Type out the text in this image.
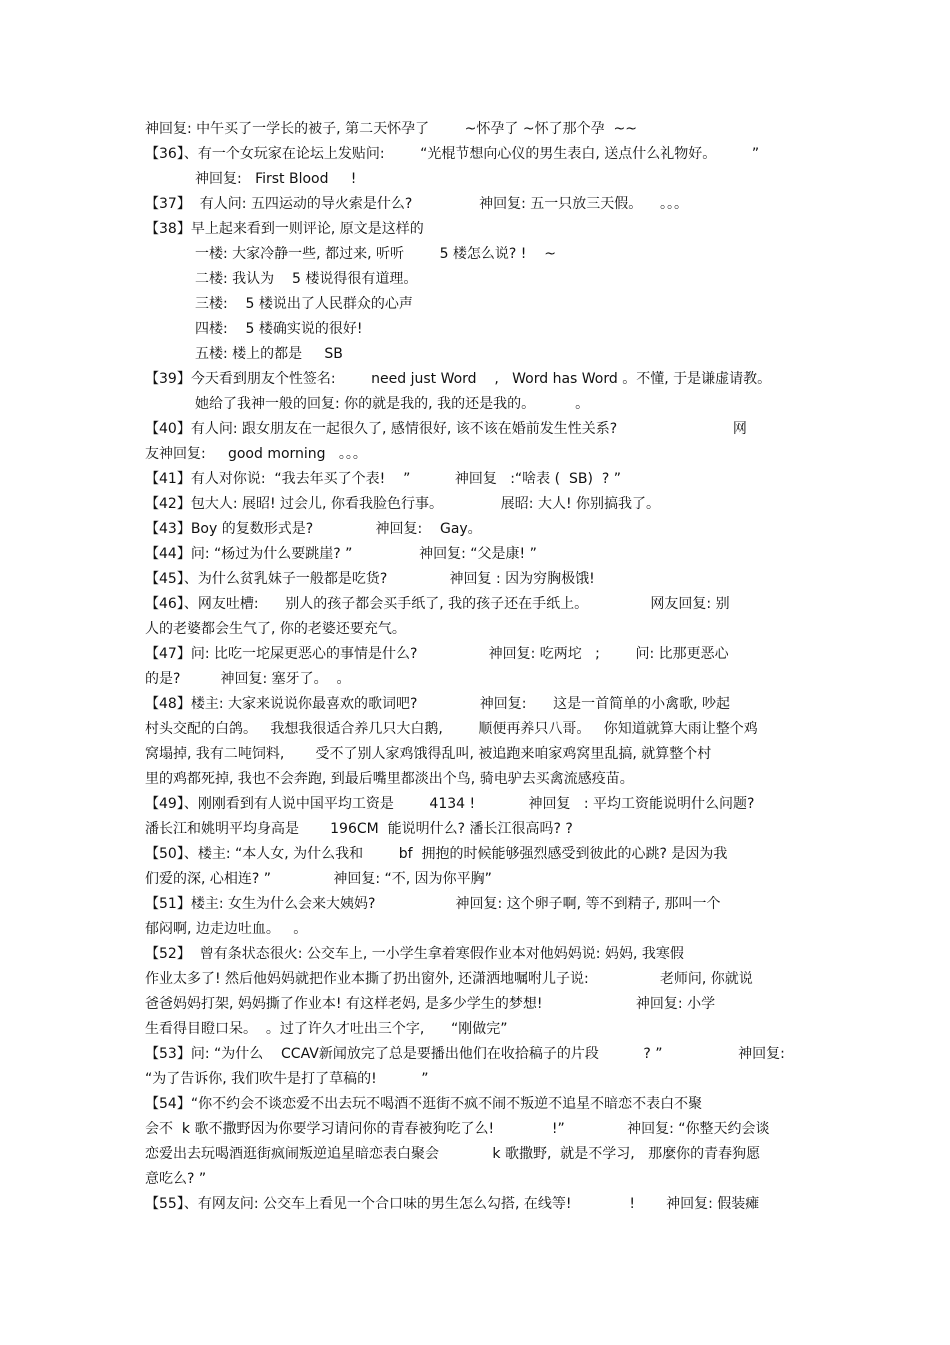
神回复: 中午买了一学长的被子, 第二天怀孕了        ~怀孕了 ~怀了那个孕  ~~
【36】、有一个女玩家在论坛上发贴问:        “光棍节想向心仪的男生表白, 送点什么礼物好。        ”
神回复:   First Blood     !
【37】  有人问: 五四运动的导火索是什么?               神回复: 五一只放三天假。    。。。
【38】早上起来看到一则评论, 原文是这样的
一楼: 大家冷静一些, 都过来, 听听        5 楼怎么说? !    ~
二楼: 我认为    5 楼说得很有道理。
三楼:    5 楼说出了人民群众的心声
四楼:    5 楼确实说的很好!
五楼: 楼上的都是     SB
【39】今天看到朋友个性签名:        need just Word    ,   Word has Word 。不懂, 于是谦虚请教。
她给了我神一般的回复: 你的就是我的, 我的还是我的。         。
【40】有人问: 跟女朋友在一起很久了, 感情很好, 该不该在婚前发生性关系?                          网
友神回复:     good morning   。。。
【41】有人对你说:  “我去年买了个表!    ”          神回复   :“啥表 (  SB)  ? ”
【42】包大人: 展昭! 过会儿, 你看我脸色行事。             展昭: 大人! 你别搞我了。
【43】Boy 的复数形式是?              神回复:    Gay。
【44】问: “杨过为什么要跳崖? ”               神回复: “父是康! ”
【45】、为什么贫乳妹子一般都是吃货?              神回复 : 因为穷胸极饿!
【46】、网友吐槽:      别人的孩子都会买手纸了, 我的孩子还在手纸上。              网友回复: 别
人的老婆都会生气了, 你的老婆还要充气。
【47】问: 比吃一坨屎更恶心的事情是什么?                神回复: 吃两坨   ;        问: 比那更恶心
的是?         神回复: 塞牙了。  。
【48】楼主: 大家来说说你最喜欢的歌词吧?              神回复:      这是一首简单的小禽歌, 吵起
村头交配的白鸽。   我想我很适合养几只大白鹅,        顺便再养只八哥。   你知道就算大雨让整个鸡
窝塌掉, 我有二吨饲料,       受不了别人家鸡饿得乱叫, 被追跑来咱家鸡窝里乱搞, 就算整个村
里的鸡都死掉, 我也不会奔跑, 到最后嘴里都淡出个鸟, 骑电驴去买禽流感疫苗。
【49】、刚刚看到有人说中国平均工资是        4134 !            神回复   : 平均工资能说明什么问题?
潘长江和姚明平均身高是       196CM  能说明什么? 潘长江很高吗? ?
【50】、楼主: “本人女, 为什么我和        bf  拥抱的时候能够强烈感受到彼此的心跳? 是因为我
们爱的深, 心相连? ”              神回复: “不, 因为你平胸”
【51】楼主: 女生为什么会来大姨妈?                  神回复: 这个卵子啊, 等不到精子, 那叫一个
郁闷啊, 边走边吐血。   。
【52】  曾有条状态很火: 公交车上, 一小学生拿着寒假作业本对他妈妈说: 妈妈, 我寒假
作业太多了! 然后他妈妈就把作业本撕了扔出窗外, 还潇洒地嘱咐儿子说:                老师问, 你就说
爸爸妈妈打架, 妈妈撕了作业本! 有这样老妈, 是多少学生的梦想!                     神回复: 小学
生看得目瞪口呆。  。过了许久才吐出三个字,      “刚做完”
【53】问: “为什么    CCAV新闻放完了总是要播出他们在收拾稿子的片段          ? ”                 神回复:
“为了告诉你, 我们吹牛是打了草稿的!          ”
【54】“你不约会不谈恋爱不出去玩不喝酒不逛街不疯不闹不叛逆不追星不暗恋不表白不聚
会不  k 歌不撒野因为你要学习请问你的青春被狗吃了么!             !”              神回复: “你整天约会谈
恋爱出去玩喝酒逛街疯闹叛逆追星暗恋表白聚会            k 歌撒野,  就是不学习,   那麼你的青春狗愿
意吃么? ”
【55】、有网友问: 公交车上看见一个合口味的男生怎么勾搭, 在线等!             !       神回复: 假装瘫
